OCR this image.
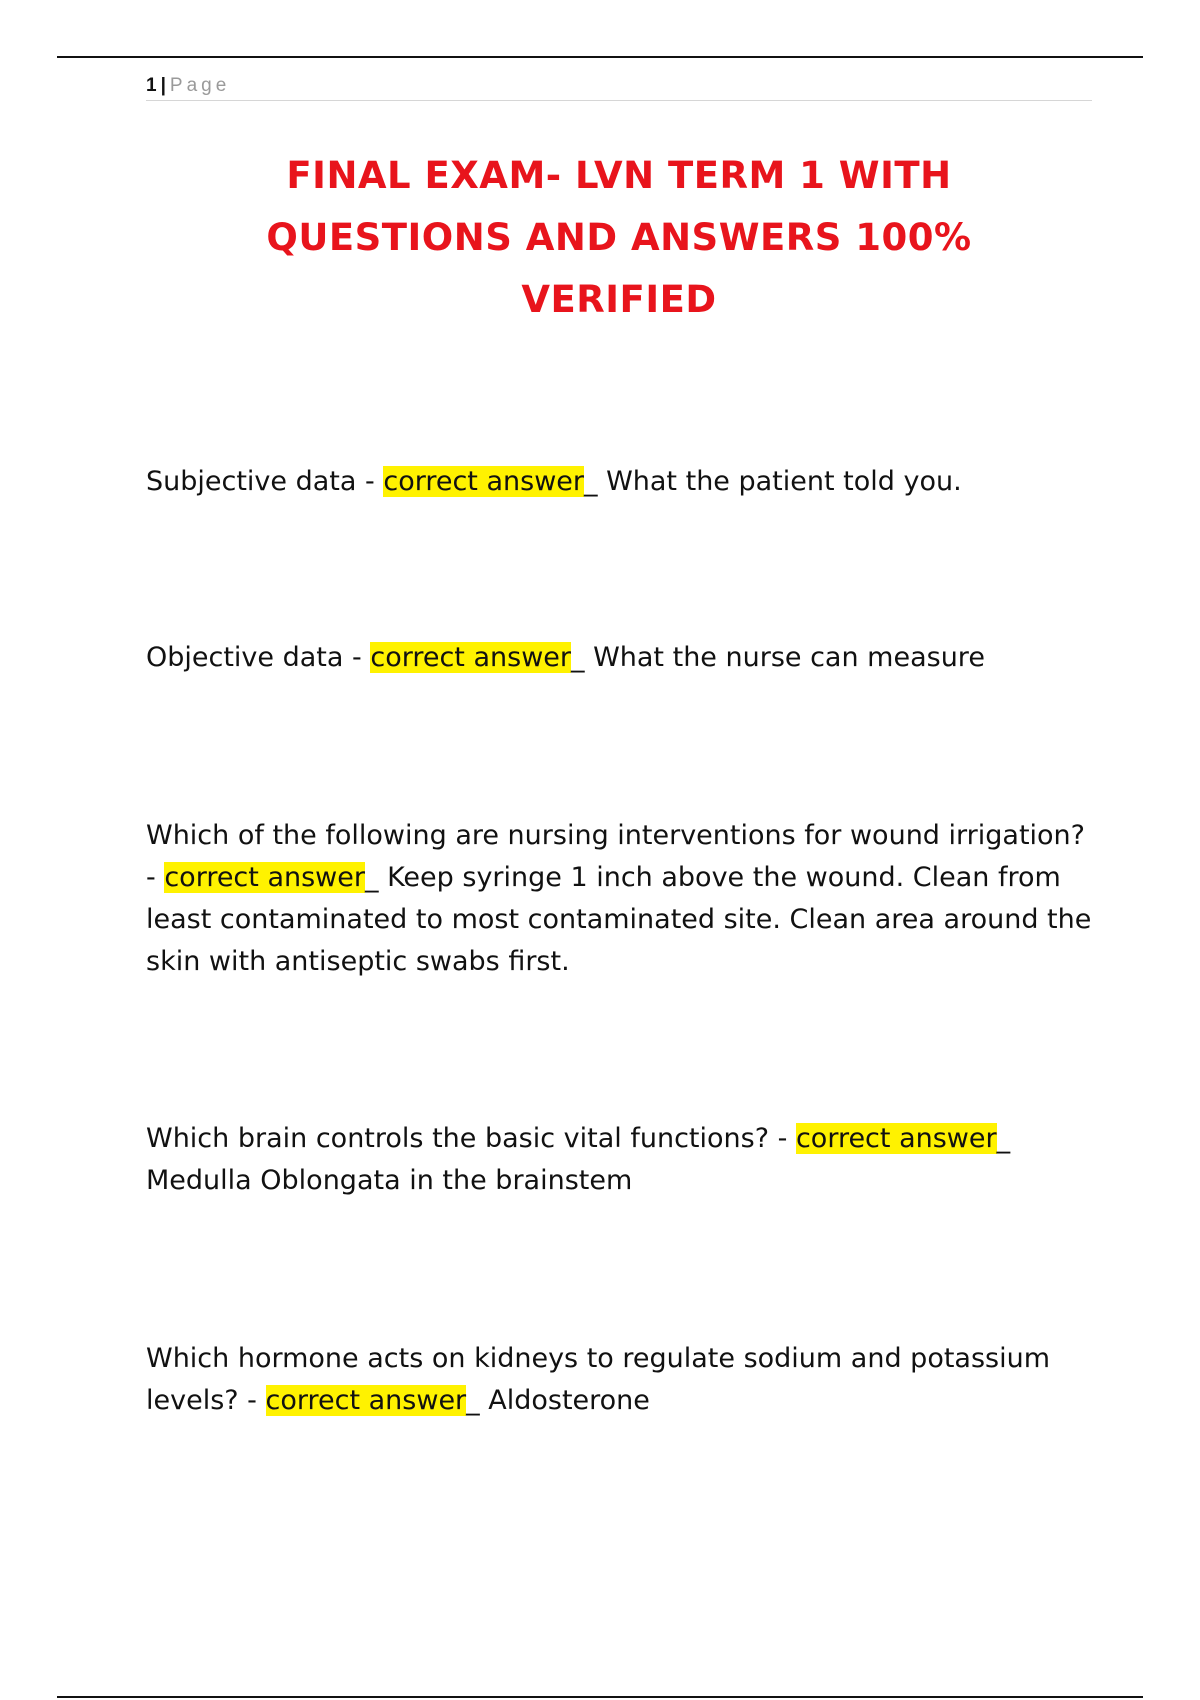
1 | Page
FINAL EXAM- LVN TERM 1 WITH
QUESTIONS AND ANSWERS 100%
VERIFIED
Subjective data - correct answer_ What the patient told you.
Objective data - correct answer_ What the nurse can measure
Which of the following are nursing interventions for wound irrigation? - correct answer_ Keep syringe 1 inch above the wound. Clean from least contaminated to most contaminated site. Clean area around the skin with antiseptic swabs first.
Which brain controls the basic vital functions? - correct answer_ Medulla Oblongata in the brainstem
Which hormone acts on kidneys to regulate sodium and potassium levels? - correct answer_ Aldosterone
